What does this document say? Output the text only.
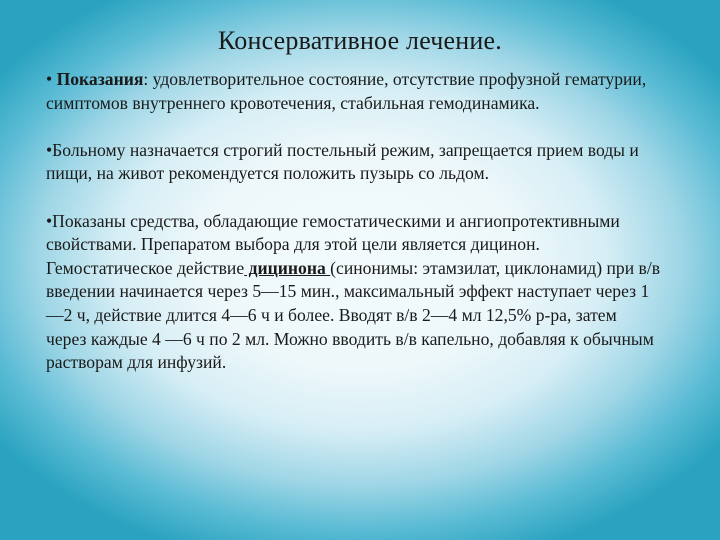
Консервативное лечение.

• Показания: удовлетворительное состояние, отсутствие профузной гематурии, симптомов внутреннего кровотечения, стабильная гемодинамика.

•Больному назначается строгий постельный режим, запрещается прием воды и пищи, на живот рекомендуется положить пузырь со льдом.

•Показаны средства, обладающие гемостатическими и ангиопротективными свойствами. Препаратом выбора для этой цели является дицинон. Гемостатическое действие дицинона (синонимы: этамзилат, циклонамид) при в/в введении начинается через 5—15 мин., максимальный эффект наступает через 1—2 ч, действие длится 4—6 ч и более. Вводят в/в 2—4 мл 12,5% р-ра, затем через каждые 4 —6 ч по 2 мл. Можно вводить в/в капельно, добавляя к обычным растворам для инфузий.
